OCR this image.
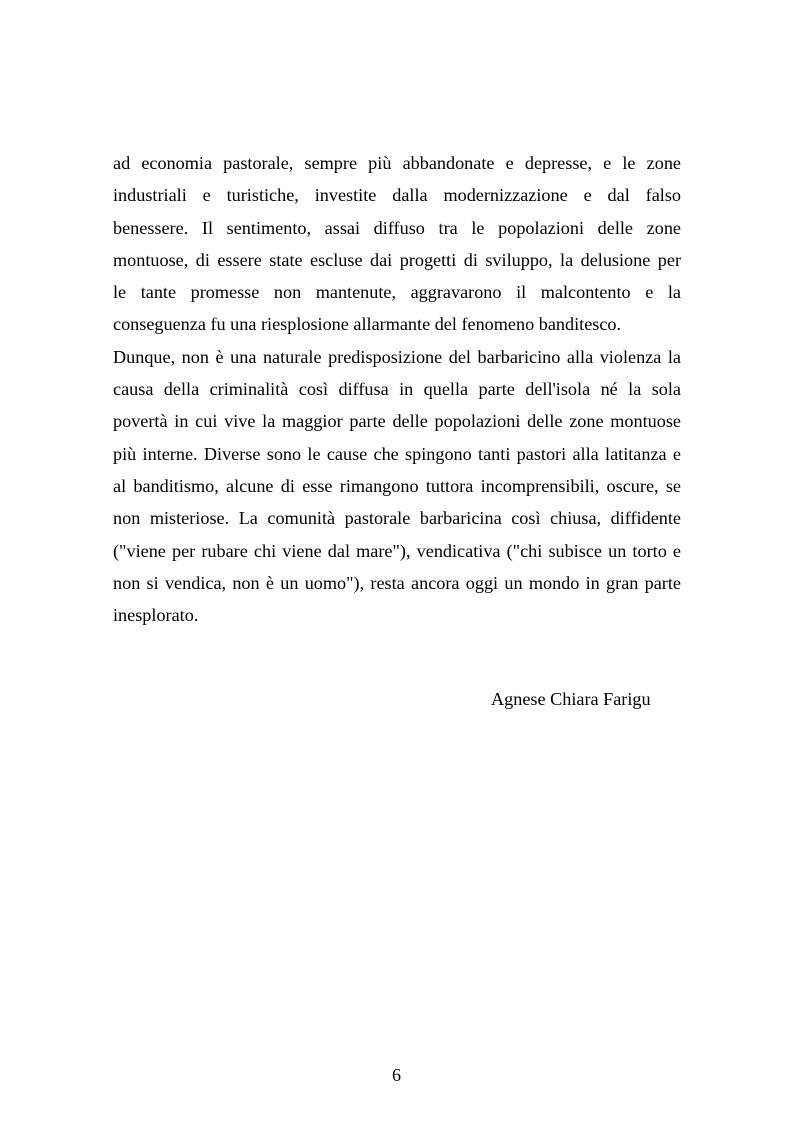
ad economia pastorale, sempre più abbandonate e depresse, e le zone
industriali e turistiche, investite dalla modernizzazione e dal falso
benessere. Il sentimento, assai diffuso tra le popolazioni delle zone
montuose, di essere state escluse dai progetti di sviluppo, la delusione per
le tante promesse non mantenute, aggravarono il malcontento e la
conseguenza fu una riesplosione allarmante del fenomeno banditesco.

Dunque, non è una naturale predisposizione del barbaricino alla violenza la
causa della criminalità così diffusa in quella parte dell'isola né la sola
povertà in cui vive la maggior parte delle popolazioni delle zone montuose
più interne. Diverse sono le cause che spingono tanti pastori alla latitanza e
al banditismo, alcune di esse rimangono tuttora incomprensibili, oscure, se
non misteriose. La comunità pastorale barbaricina così chiusa, diffidente
("viene per rubare chi viene dal mare"), vendicativa ("chi subisce un torto e
non si vendica, non è un uomo"), resta ancora oggi un mondo in gran parte
inesplorato.

Agnese Chiara Farigu
6
